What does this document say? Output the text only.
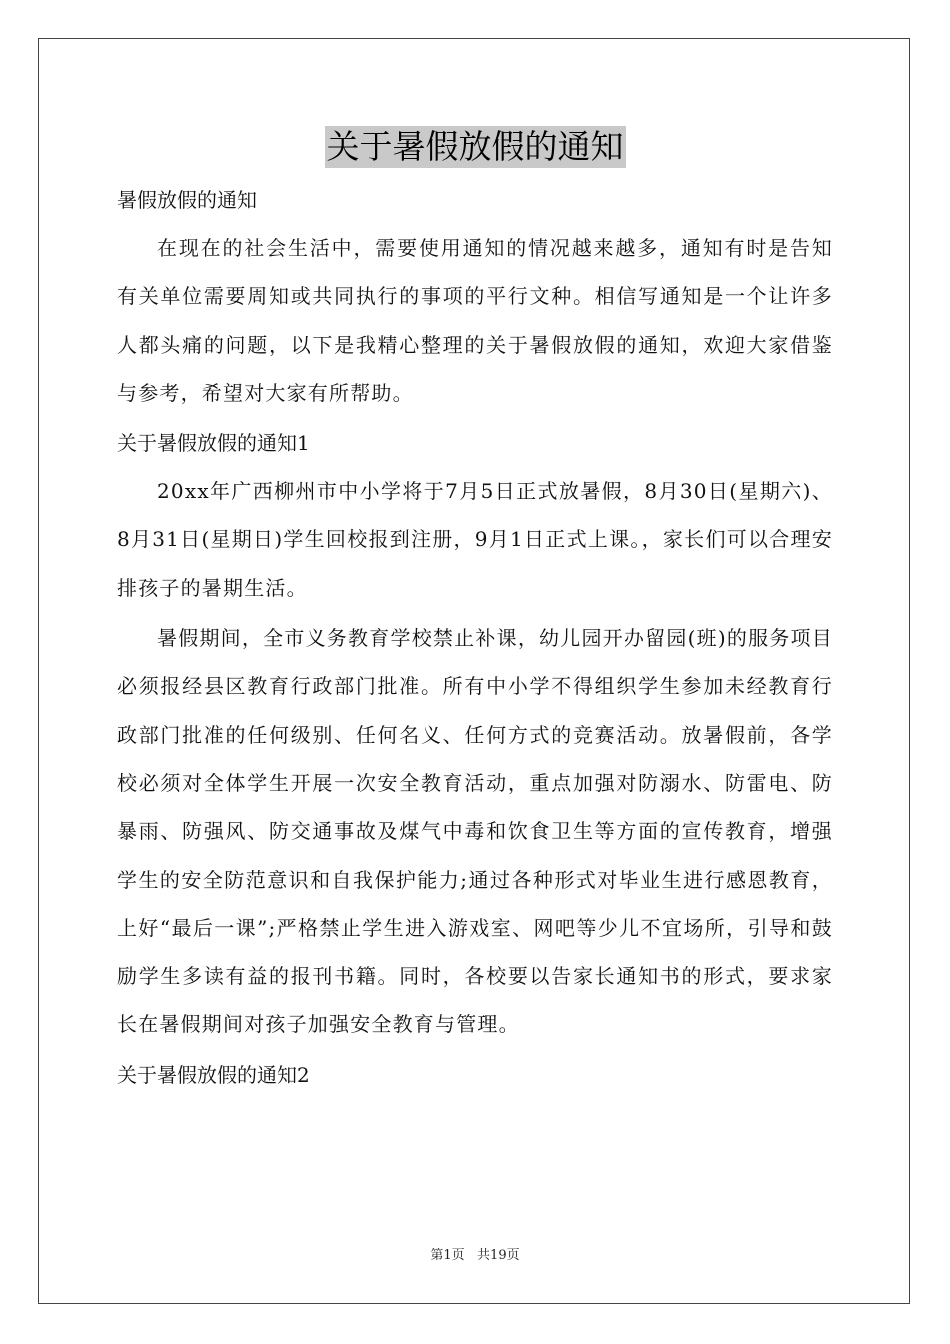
关于暑假放假的通知
暑假放假的通知

在现在的社会生活中，需要使用通知的情况越来越多，通知有时是告知有关单位需要周知或共同执行的事项的平行文种。相信写通知是一个让许多人都头痛的问题，以下是我精心整理的关于暑假放假的通知，欢迎大家借鉴与参考，希望对大家有所帮助。

关于暑假放假的通知1

20xx年广西柳州市中小学将于7月5日正式放暑假，8月30日(星期六)、8月31日(星期日)学生回校报到注册，9月1日正式上课。，家长们可以合理安排孩子的暑期生活。

暑假期间，全市义务教育学校禁止补课，幼儿园开办留园(班)的服务项目必须报经县区教育行政部门批准。所有中小学不得组织学生参加未经教育行政部门批准的任何级别、任何名义、任何方式的竞赛活动。放暑假前，各学校必须对全体学生开展一次安全教育活动，重点加强对防溺水、防雷电、防暴雨、防强风、防交通事故及煤气中毒和饮食卫生等方面的宣传教育，增强学生的安全防范意识和自我保护能力;通过各种形式对毕业生进行感恩教育，上好“最后一课”;严格禁止学生进入游戏室、网吧等少儿不宜场所，引导和鼓励学生多读有益的报刊书籍。同时，各校要以告家长通知书的形式，要求家长在暑假期间对孩子加强安全教育与管理。

关于暑假放假的通知2
第1页   共19页
